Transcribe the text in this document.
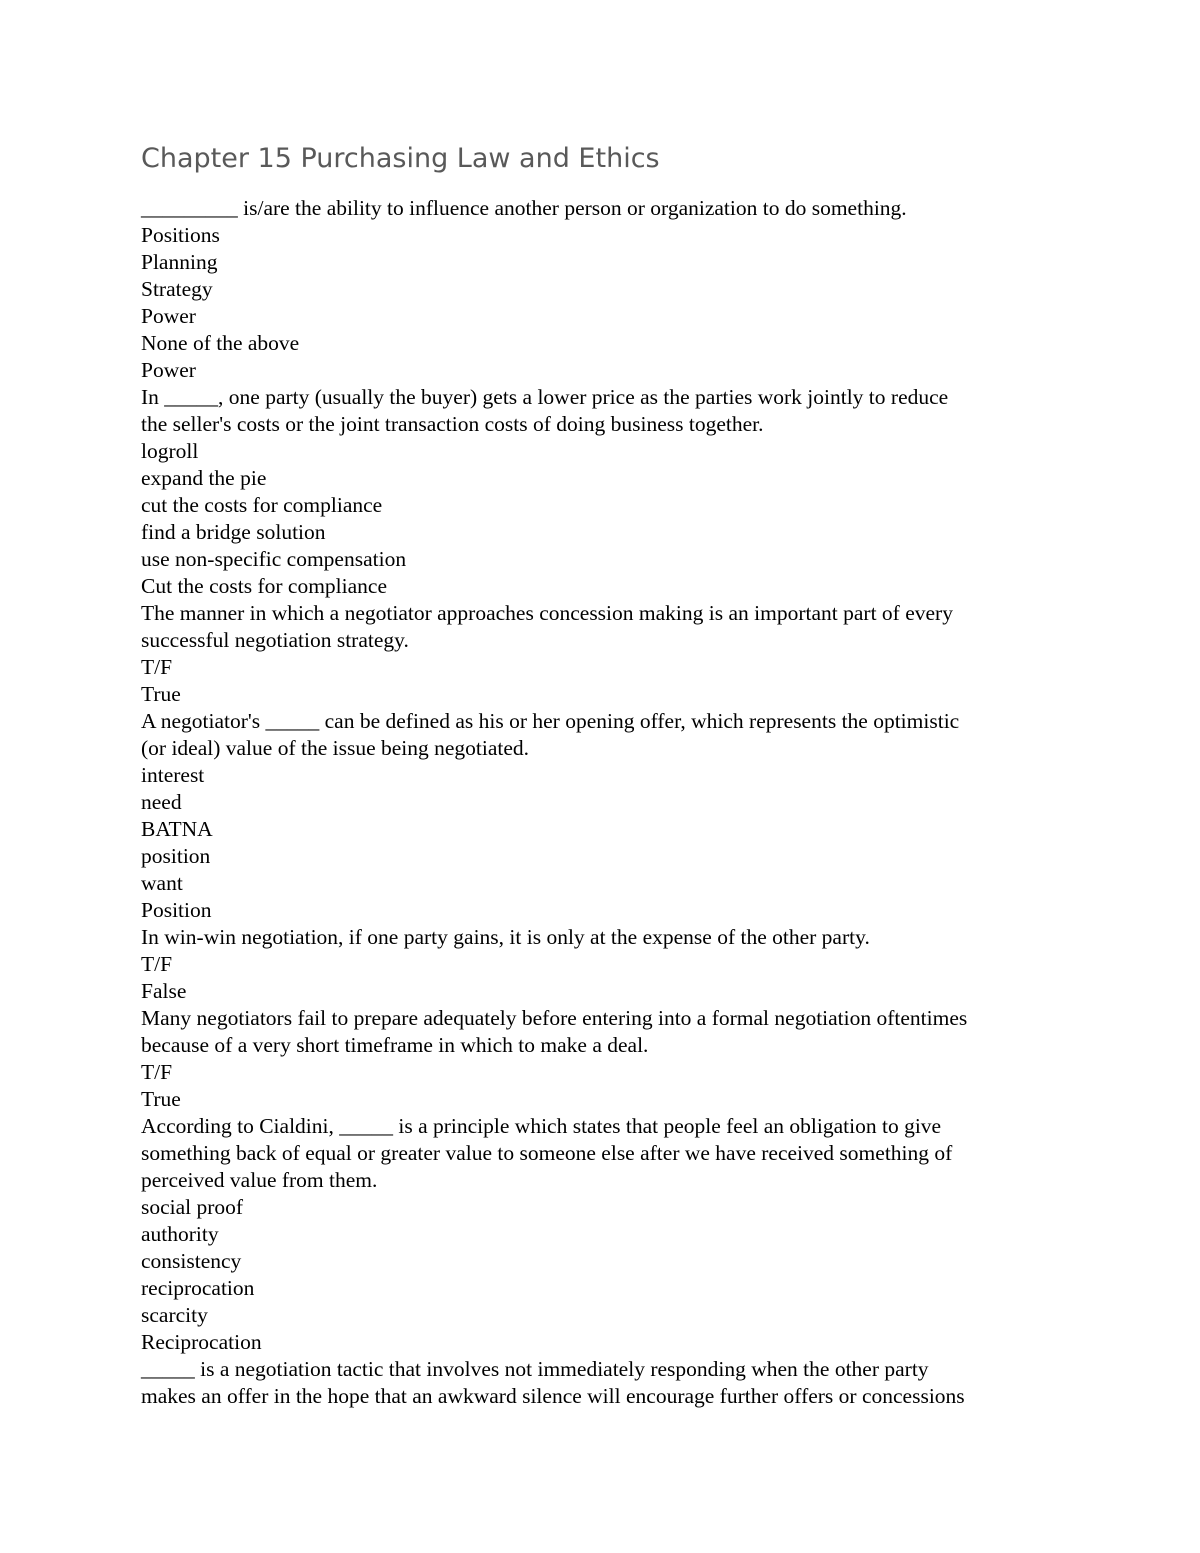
Chapter 15 Purchasing Law and Ethics
_________ is/are the ability to influence another person or organization to do something.
Positions
Planning
Strategy
Power
None of the above
Power
In _____, one party (usually the buyer) gets a lower price as the parties work jointly to reduce
the seller's costs or the joint transaction costs of doing business together.
logroll
expand the pie
cut the costs for compliance
find a bridge solution
use non-specific compensation
Cut the costs for compliance
The manner in which a negotiator approaches concession making is an important part of every
successful negotiation strategy.
T/F
True
A negotiator's _____ can be defined as his or her opening offer, which represents the optimistic
(or ideal) value of the issue being negotiated.
interest
need
BATNA
position
want
Position
In win-win negotiation, if one party gains, it is only at the expense of the other party.
T/F
False
Many negotiators fail to prepare adequately before entering into a formal negotiation oftentimes
because of a very short timeframe in which to make a deal.
T/F
True
According to Cialdini, _____ is a principle which states that people feel an obligation to give
something back of equal or greater value to someone else after we have received something of
perceived value from them.
social proof
authority
consistency
reciprocation
scarcity
Reciprocation
_____ is a negotiation tactic that involves not immediately responding when the other party
makes an offer in the hope that an awkward silence will encourage further offers or concessions
